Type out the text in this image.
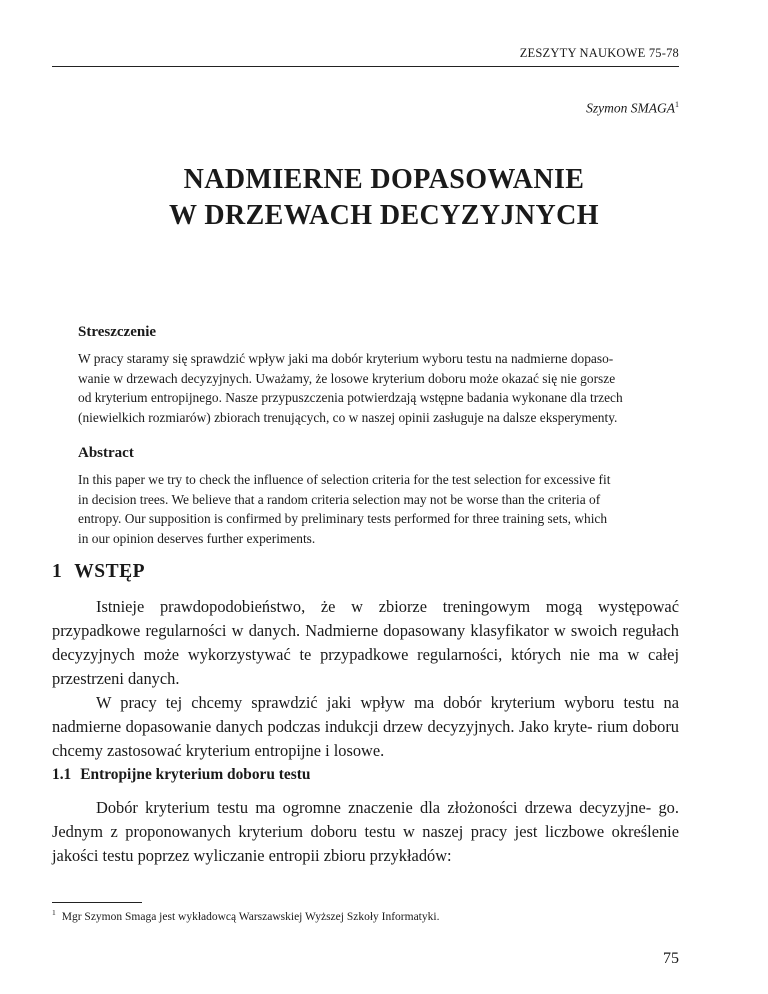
ZESZYTY NAUKOWE 75-78
Szymon SMAGA$^1$
NADMIERNE DOPASOWANIE
W DRZEWACH DECYZYJNYCH
Streszczenie
W pracy staramy się sprawdzić wpływ jaki ma dobór kryterium wyboru testu na nadmierne dopaso-
wanie w drzewach decyzyjnych. Uważamy, że losowe kryterium doboru może okazać się nie gorsze
od kryterium entropijnego. Nasze przypuszczenia potwierdzają wstępne badania wykonane dla trzech
(niewielkich rozmiarów) zbiorach trenujących, co w naszej opinii zasługuje na dalsze eksperymenty.
Abstract
In this paper we try to check the influence of selection criteria for the test selection for excessive fit
in decision trees. We believe that a random criteria selection may not be worse than the criteria of
entropy. Our supposition is confirmed by preliminary tests performed for three training sets, which
in our opinion deserves further experiments.
1 WSTĘP

Istnieje prawdopodobieństwo, że w zbiorze treningowym mogą występować przypadkowe regularności w danych. Nadmierne dopasowany klasyfikator w swoich regułach decyzyjnych może wykorzystywać te przypadkowe regularności, których nie ma w całej przestrzeni danych.

W pracy tej chcemy sprawdzić jaki wpływ ma dobór kryterium wyboru testu na nadmierne dopasowanie danych podczas indukcji drzew decyzyjnych. Jako kryte- rium doboru chcemy zastosować kryterium entropijne i losowe.

1.1 Entropijne kryterium doboru testu

Dobór kryterium testu ma ogromne znaczenie dla złożoności drzewa decyzyjne- go. Jednym z proponowanych kryterium doboru testu w naszej pracy jest liczbowe określenie jakości testu poprzez wyliczanie entropii zbioru przykładów:

$^1$ Mgr Szymon Smaga jest wykładowcą Warszawskiej Wyższej Szkoły Informatyki.
75
